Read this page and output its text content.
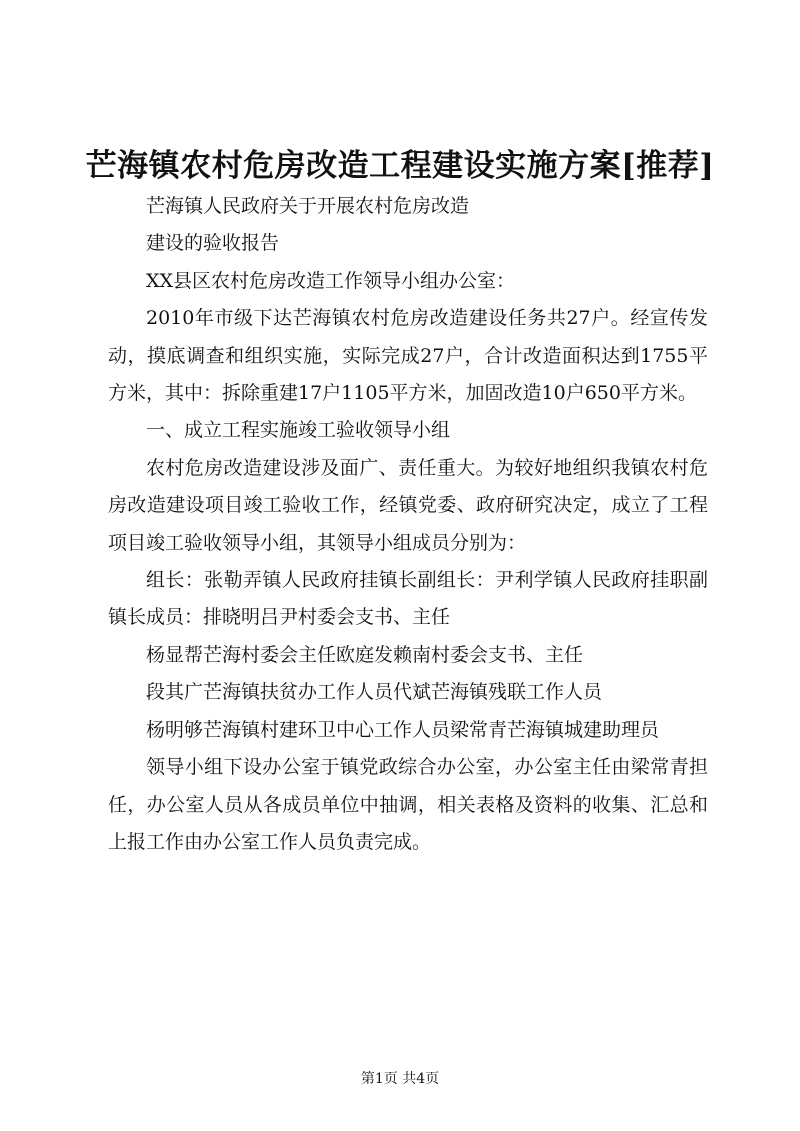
芒海镇农村危房改造工程建设实施方案[推荐]

芒海镇人民政府关于开展农村危房改造

建设的验收报告

XX县区农村危房改造工作领导小组办公室：

2010年市级下达芒海镇农村危房改造建设任务共27户。经宣传发动，摸底调查和组织实施，实际完成27户，合计改造面积达到1755平方米，其中：拆除重建17户1105平方米，加固改造10户650平方米。

一、成立工程实施竣工验收领导小组

农村危房改造建设涉及面广、责任重大。为较好地组织我镇农村危房改造建设项目竣工验收工作，经镇党委、政府研究决定，成立了工程项目竣工验收领导小组，其领导小组成员分别为：

组长：张勒弄镇人民政府挂镇长副组长：尹利学镇人民政府挂职副镇长成员：排晓明吕尹村委会支书、主任

杨显帮芒海村委会主任欧庭发赖南村委会支书、主任

段其广芒海镇扶贫办工作人员代斌芒海镇残联工作人员

杨明够芒海镇村建环卫中心工作人员梁常青芒海镇城建助理员

领导小组下设办公室于镇党政综合办公室，办公室主任由梁常青担任，办公室人员从各成员单位中抽调，相关表格及资料的收集、汇总和上报工作由办公室工作人员负责完成。

第1页 共4页
